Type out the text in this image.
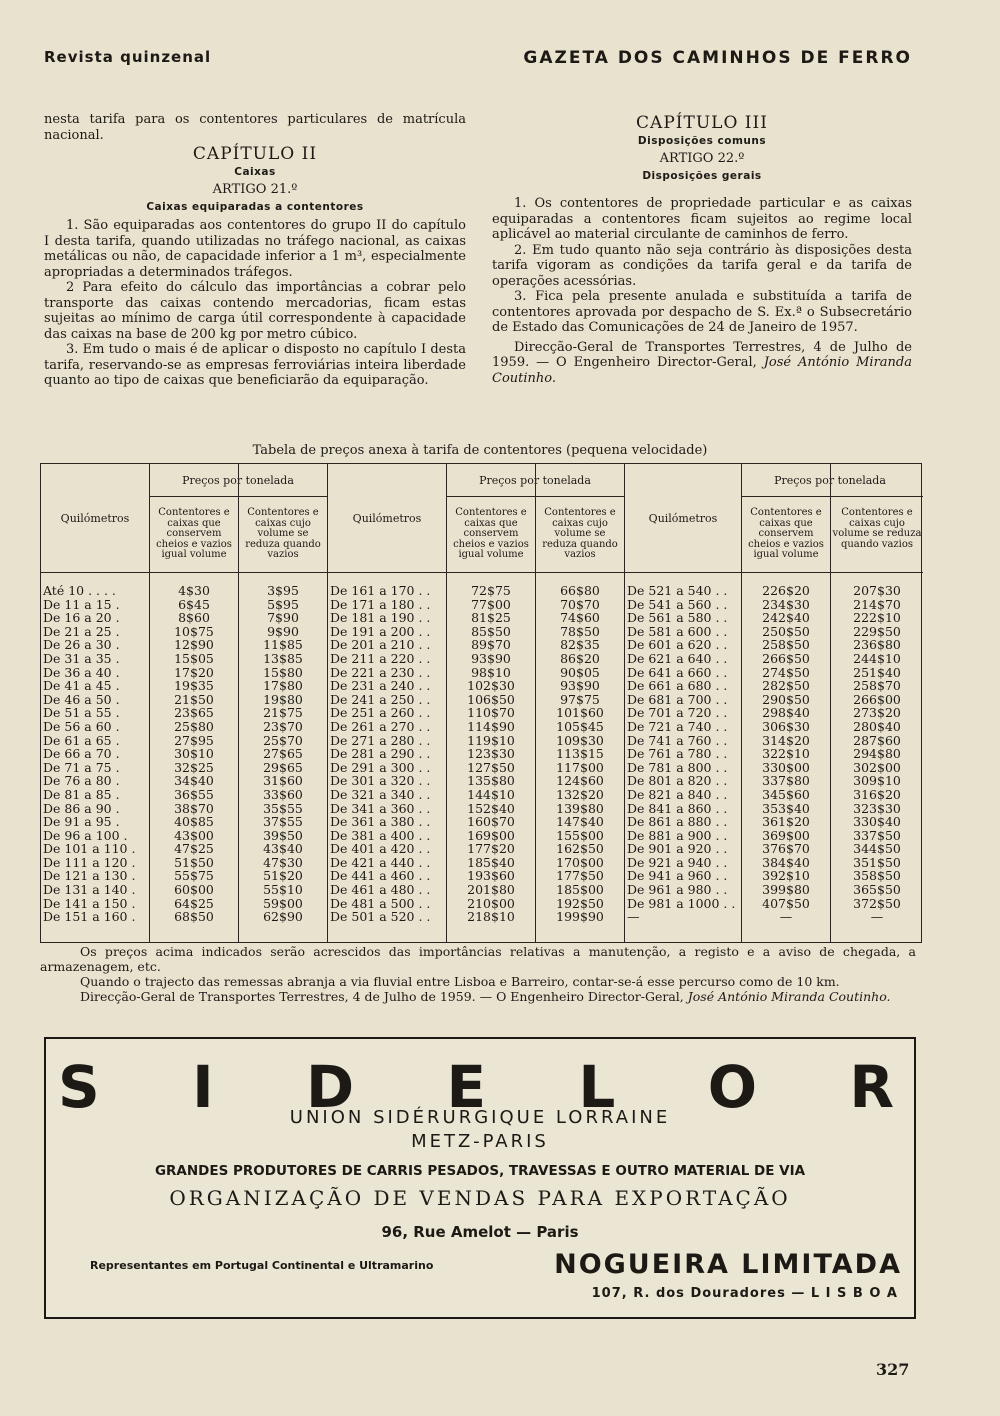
Revista quinzenal	GAZETA DOS CAMINHOS DE FERRO

nesta tarifa para os contentores particulares de matrícula nacional.

CAPÍTULO II
Caixas
ARTIGO 21.º
Caixas equiparadas a contentores

1. São equiparadas aos contentores do grupo II do capítulo I desta tarifa, quando utilizadas no tráfego nacional, as caixas metálicas ou não, de capacidade inferior a 1 m³, especialmente apropriadas a determinados tráfegos.

2 Para efeito do cálculo das importâncias a cobrar pelo transporte das caixas contendo mercadorias, ficam estas sujeitas ao mínimo de carga útil correspondente à capacidade das caixas na base de 200 kg por metro cúbico.

3. Em tudo o mais é de aplicar o disposto no capítulo I desta tarifa, reservando-se as empresas ferroviárias inteira liberdade quanto ao tipo de caixas que beneficiarão da equiparação.

CAPÍTULO III
Disposições comuns
ARTIGO 22.º
Disposições gerais

1. Os contentores de propriedade particular e as caixas equiparadas a contentores ficam sujeitos ao regime local aplicável ao material circulante de caminhos de ferro.

2. Em tudo quanto não seja contrário às disposições desta tarifa vigoram as condições da tarifa geral e da tarifa de operações acessórias.

3. Fica pela presente anulada e substituída a tarifa de contentores aprovada por despacho de S. Ex.ª o Subsecretário de Estado das Comunicações de 24 de Janeiro de 1957.

Direcção-Geral de Transportes Terrestres, 4 de Julho de 1959. — O Engenheiro Director-Geral, José António Miranda Coutinho.

Tabela de preços anexa à tarifa de contentores (pequena velocidade)
Quilómetros
Até 10 . . . .
De 11 a 15 .
De 16 a 20 .
De 21 a 25 .
De 26 a 30 .
De 31 a 35 .
De 36 a 40 .
De 41 a 45 .
De 46 a 50 .
De 51 a 55 .
De 56 a 60 .
De 61 a 65 .
De 66 a 70 .
De 71 a 75 .
De 76 a 80 .
De 81 a 85 .
De 86 a 90 .
De 91 a 95 .
De 96 a 100 .
De 101 a 110 .
De 111 a 120 .
De 121 a 130 .
De 131 a 140 .
De 141 a 150 .
De 151 a 160 .
Preços por tonelada
Contentores e caixas que conservem cheios e vazios igual volume
4$30
6$45
8$60
10$75
12$90
15$05
17$20
19$35
21$50
23$65
25$80
27$95
30$10
32$25
34$40
36$55
38$70
40$85
43$00
47$25
51$50
55$75
60$00
64$25
68$50
Contentores e caixas cujo volume se reduza quando vazios
3$95
5$95
7$90
9$90
11$85
13$85
15$80
17$80
19$80
21$75
23$70
25$70
27$65
29$65
31$60
33$60
35$55
37$55
39$50
43$40
47$30
51$20
55$10
59$00
62$90
Quilómetros
De 161 a 170 . .
De 171 a 180 . .
De 181 a 190 . .
De 191 a 200 . .
De 201 a 210 . .
De 211 a 220 . .
De 221 a 230 . .
De 231 a 240 . .
De 241 a 250 . .
De 251 a 260 . .
De 261 a 270 . .
De 271 a 280 . .
De 281 a 290 . .
De 291 a 300 . .
De 301 a 320 . .
De 321 a 340 . .
De 341 a 360 . .
De 361 a 380 . .
De 381 a 400 . .
De 401 a 420 . .
De 421 a 440 . .
De 441 a 460 . .
De 461 a 480 . .
De 481 a 500 . .
De 501 a 520 . .
Preços por tonelada
Contentores e caixas que conservem cheios e vazios igual volume
72$75
77$00
81$25
85$50
89$70
93$90
98$10
102$30
106$50
110$70
114$90
119$10
123$30
127$50
135$80
144$10
152$40
160$70
169$00
177$20
185$40
193$60
201$80
210$00
218$10
Contentores e caixas cujo volume se reduza quando vazios
66$80
70$70
74$60
78$50
82$35
86$20
90$05
93$90
97$75
101$60
105$45
109$30
113$15
117$00
124$60
132$20
139$80
147$40
155$00
162$50
170$00
177$50
185$00
192$50
199$90
Quilómetros
De 521 a 540 . .
De 541 a 560 . .
De 561 a 580 . .
De 581 a 600 . .
De 601 a 620 . .
De 621 a 640 . .
De 641 a 660 . .
De 661 a 680 . .
De 681 a 700 . .
De 701 a 720 . .
De 721 a 740 . .
De 741 a 760 . .
De 761 a 780 . .
De 781 a 800 . .
De 801 a 820 . .
De 821 a 840 . .
De 841 a 860 . .
De 861 a 880 . .
De 881 a 900 . .
De 901 a 920 . .
De 921 a 940 . .
De 941 a 960 . .
De 961 a 980 . .
De 981 a 1000 . .
—
Preços por tonelada
Contentores e caixas que conservem cheios e vazios igual volume
226$20
234$30
242$40
250$50
258$50
266$50
274$50
282$50
290$50
298$40
306$30
314$20
322$10
330$00
337$80
345$60
353$40
361$20
369$00
376$70
384$40
392$10
399$80
407$50
—
Contentores e caixas cujo volume se reduza quando vazios
207$30
214$70
222$10
229$50
236$80
244$10
251$40
258$70
266$00
273$20
280$40
287$60
294$80
302$00
309$10
316$20
323$30
330$40
337$50
344$50
351$50
358$50
365$50
372$50
—

Os preços acima indicados serão acrescidos das importâncias relativas a manutenção, a registo e a aviso de chegada, a armazenagem, etc.

Quando o trajecto das remessas abranja a via fluvial entre Lisboa e Barreiro, contar-se-á esse percurso como de 10 km.

Direcção-Geral de Transportes Terrestres, 4 de Julho de 1959. — O Engenheiro Director-Geral, José António Miranda Coutinho.

S I D E L O R
UNION SIDÉRURGIQUE LORRAINE
METZ-PARIS
GRANDES PRODUTORES DE CARRIS PESADOS, TRAVESSAS E OUTRO MATERIAL DE VIA
ORGANIZAÇÃO DE VENDAS PARA EXPORTAÇÃO
96, Rue Amelot — Paris
Representantes em Portugal Continental e Ultramarino	NOGUEIRA LIMITADA
107, R. dos Douradores — L I S B O A
327
